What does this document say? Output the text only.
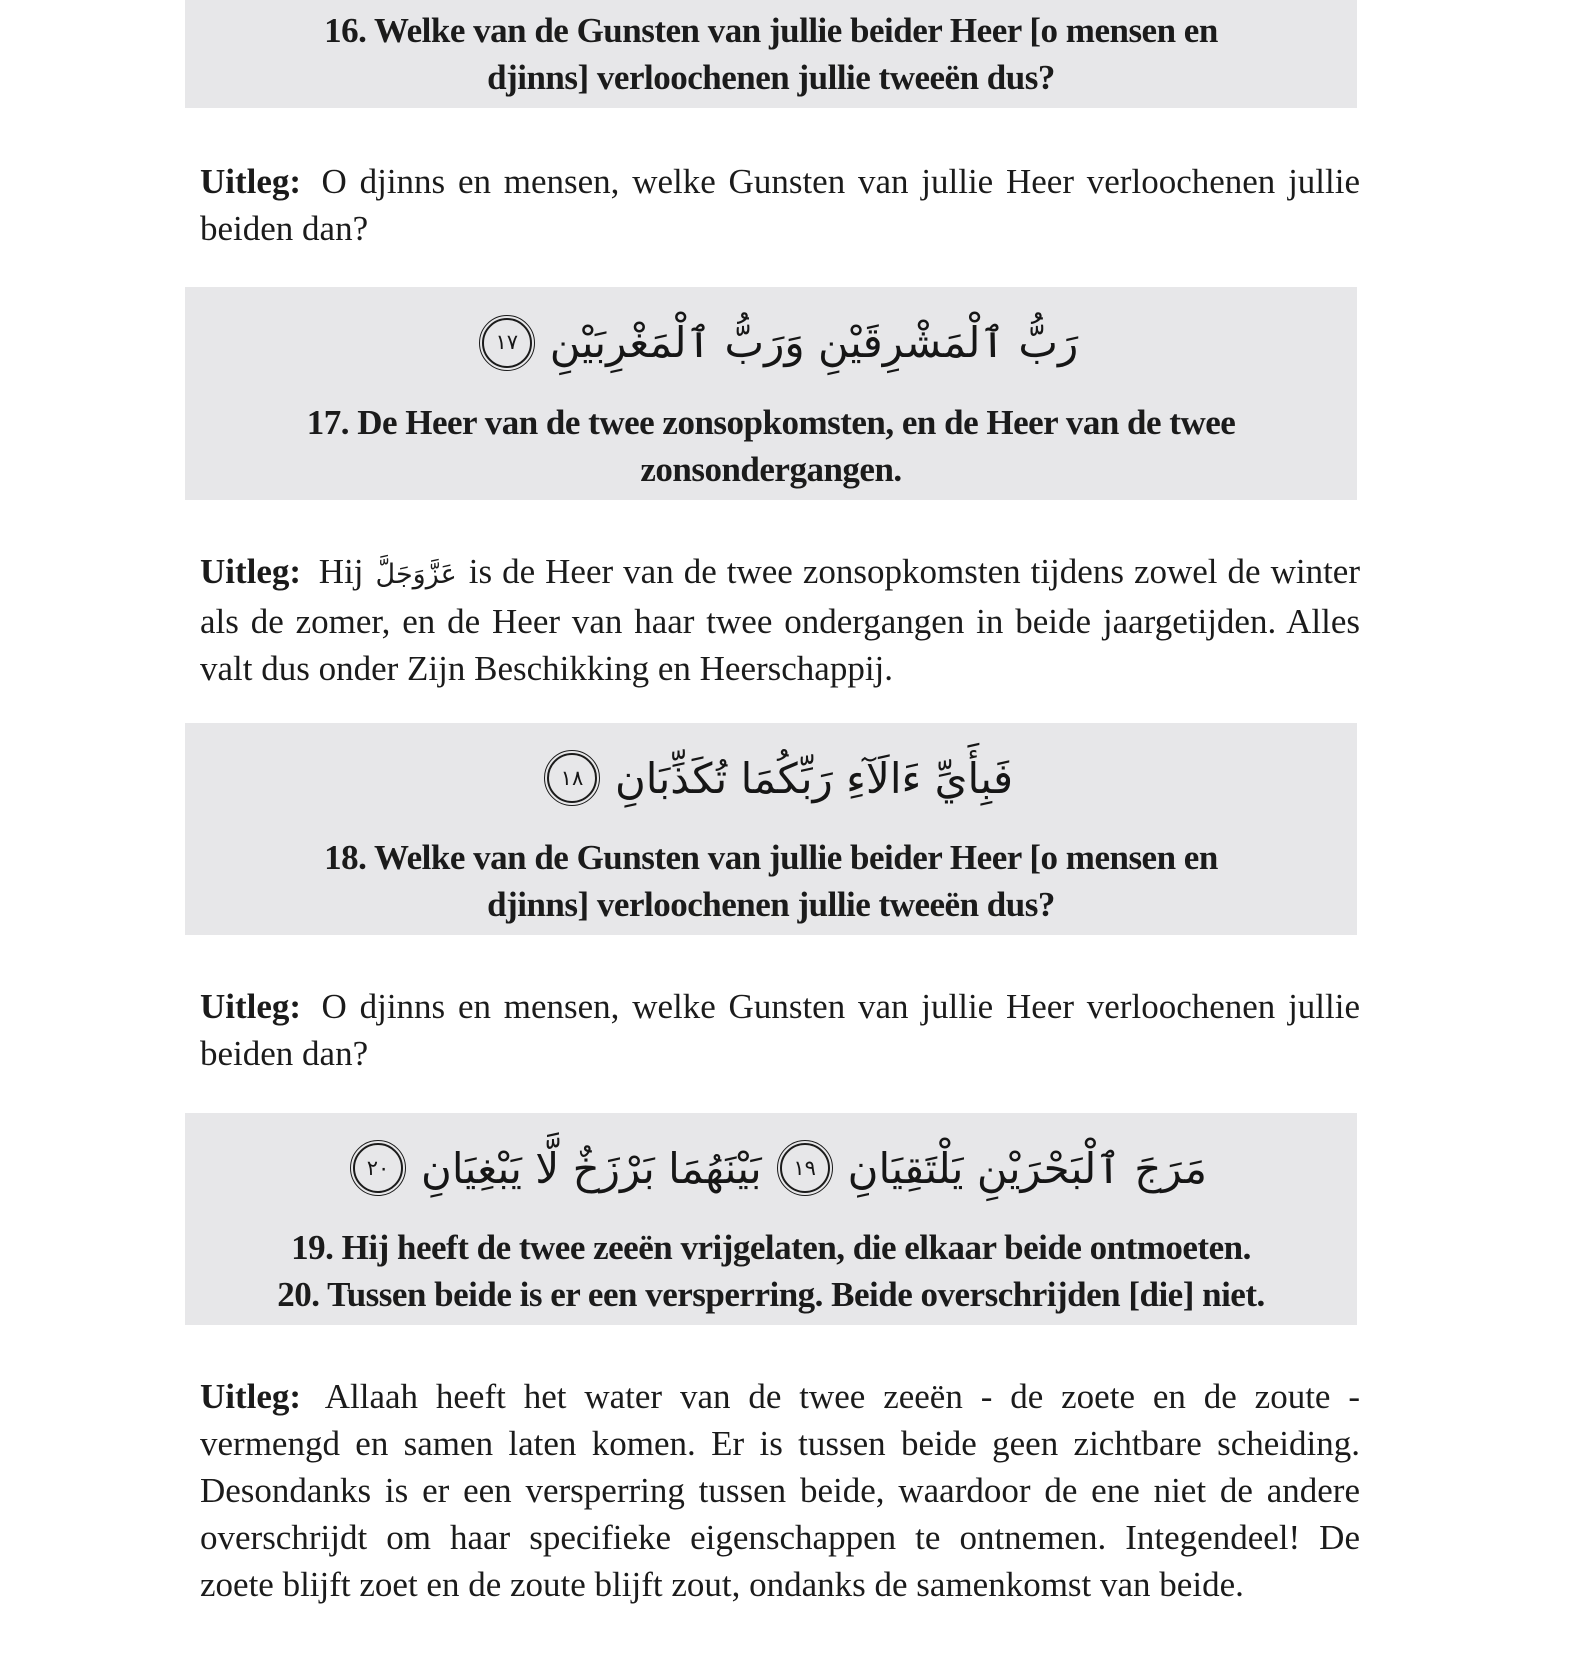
16. Welke van de Gunsten van jullie beider Heer [o mensen en
djinns] verloochenen jullie tweeën dus?

Uitleg: O djinns en mensen, welke Gunsten van jullie Heer verloochenen jullie beiden dan?

رَبُّ ٱلْمَشْرِقَيْنِ وَرَبُّ ٱلْمَغْرِبَيْنِ
١٧
17. De Heer van de twee zonsopkomsten, en de Heer van de twee
zonsondergangen.

Uitleg: Hij عَزَّوَجَلَّ is de Heer van de twee zonsopkomsten tijdens zowel de winter als de zomer, en de Heer van haar twee ondergangen in beide jaargetijden. Alles valt dus onder Zijn Beschikking en Heerschappij.

فَبِأَيِّ ءَالَآءِ رَبِّكُمَا تُكَذِّبَانِ
١٨
18. Welke van de Gunsten van jullie beider Heer [o mensen en
djinns] verloochenen jullie tweeën dus?

Uitleg: O djinns en mensen, welke Gunsten van jullie Heer verloochenen jullie beiden dan?

مَرَجَ ٱلْبَحْرَيْنِ يَلْتَقِيَانِ
١٩
بَيْنَهُمَا بَرْزَخٌ لَّا يَبْغِيَانِ
٢٠
19. Hij heeft de twee zeeën vrijgelaten, die elkaar beide ontmoeten.
20. Tussen beide is er een versperring. Beide overschrijden [die] niet.

Uitleg: Allaah heeft het water van de twee zeeën - de zoete en de zoute - vermengd en samen laten komen. Er is tussen beide geen zichtbare scheiding. Desondanks is er een versperring tussen beide, waardoor de ene niet de andere overschrijdt om haar specifieke eigenschappen te ontnemen. Integendeel! De zoete blijft zoet en de zoute blijft zout, ondanks de samenkomst van beide.
